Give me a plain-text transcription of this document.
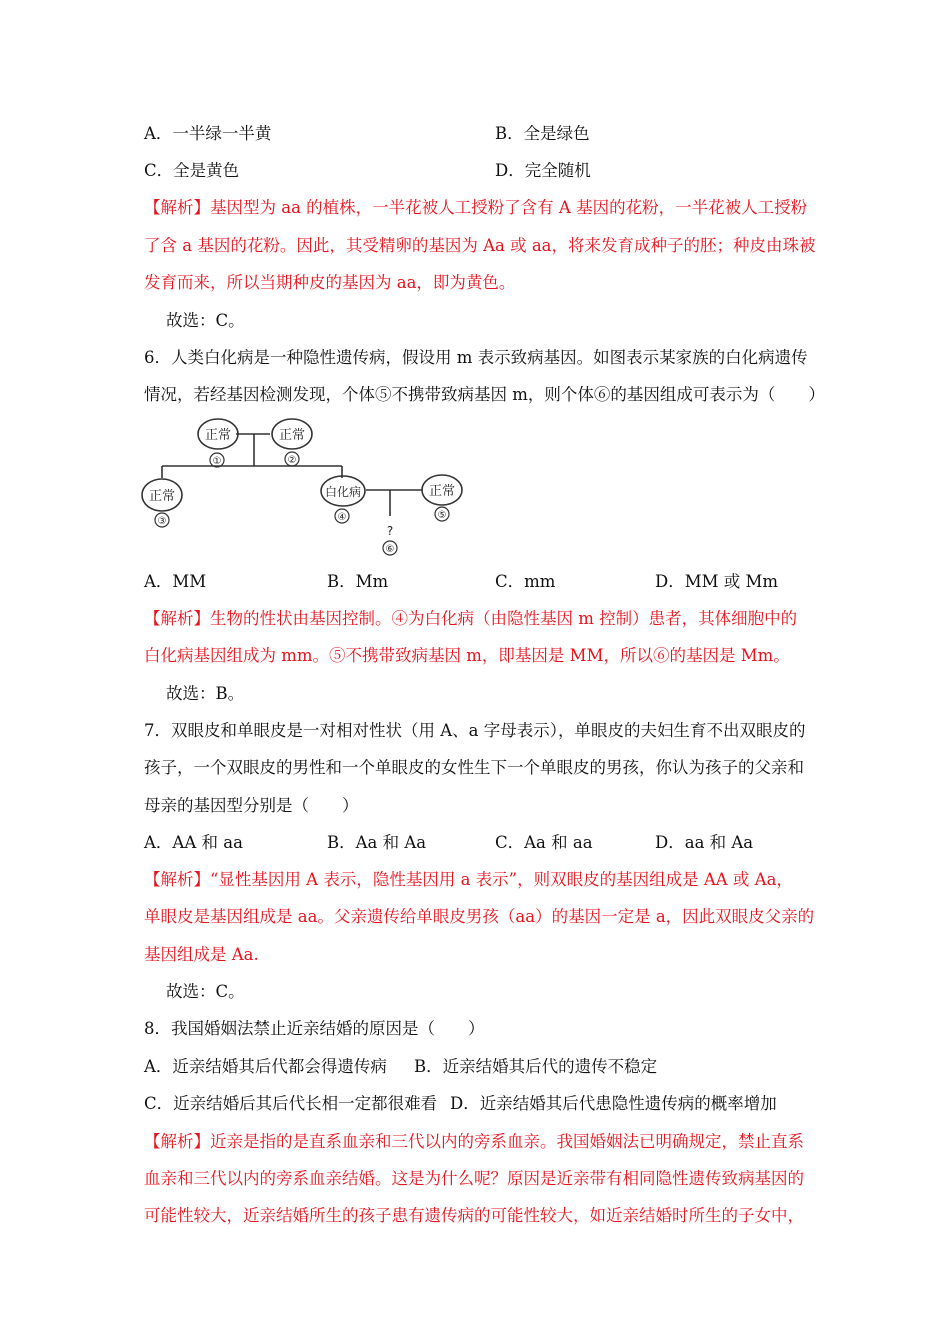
A．一半绿一半黄	B．全是绿色
C．全是黄色	D．完全随机
【解析】基因型为 aa 的植株，一半花被人工授粉了含有 A 基因的花粉，一半花被人工授粉
了含 a 基因的花粉。因此，其受精卵的基因为 Aa 或 aa，将来发育成种子的胚；种皮由珠被
发育而来，所以当期种皮的基因为 aa，即为黄色。
故选：C。
6．人类白化病是一种隐性遗传病，假设用 m 表示致病基因。如图表示某家族的白化病遗传
情况，若经基因检测发现，个体⑤不携带致病基因 m，则个体⑥的基因组成可表示为（　　）
正常	正常
正常	白化病	正常
?
①	②
③	④	⑤
⑥
A．MM	B．Mm	C．mm	D．MM 或 Mm
【解析】生物的性状由基因控制。④为白化病（由隐性基因 m 控制）患者，其体细胞中的
白化病基因组成为 mm。⑤不携带致病基因 m，即基因是 MM，所以⑥的基因是 Mm。
故选：B。
7．双眼皮和单眼皮是一对相对性状（用 A、a 字母表示），单眼皮的夫妇生育不出双眼皮的
孩子，一个双眼皮的男性和一个单眼皮的女性生下一个单眼皮的男孩，你认为孩子的父亲和
母亲的基因型分别是（　　）
A．AA 和 aa	B．Aa 和 Aa	C．Aa 和 aa	D．aa 和 Aa
【解析】“显性基因用 A 表示，隐性基因用 a 表示”，则双眼皮的基因组成是 AA 或 Aa，
单眼皮是基因组成是 aa。父亲遗传给单眼皮男孩（aa）的基因一定是 a，因此双眼皮父亲的
基因组成是 Aa.
故选：C。
8．我国婚姻法禁止近亲结婚的原因是（　　）
A．近亲结婚其后代都会得遗传病 B．近亲结婚其后代的遗传不稳定
C．近亲结婚后其后代长相一定都很难看 D．近亲结婚其后代患隐性遗传病的概率增加
【解析】近亲是指的是直系血亲和三代以内的旁系血亲。我国婚姻法已明确规定，禁止直系
血亲和三代以内的旁系血亲结婚。这是为什么呢？原因是近亲带有相同隐性遗传致病基因的
可能性较大，近亲结婚所生的孩子患有遗传病的可能性较大，如近亲结婚时所生的子女中，
